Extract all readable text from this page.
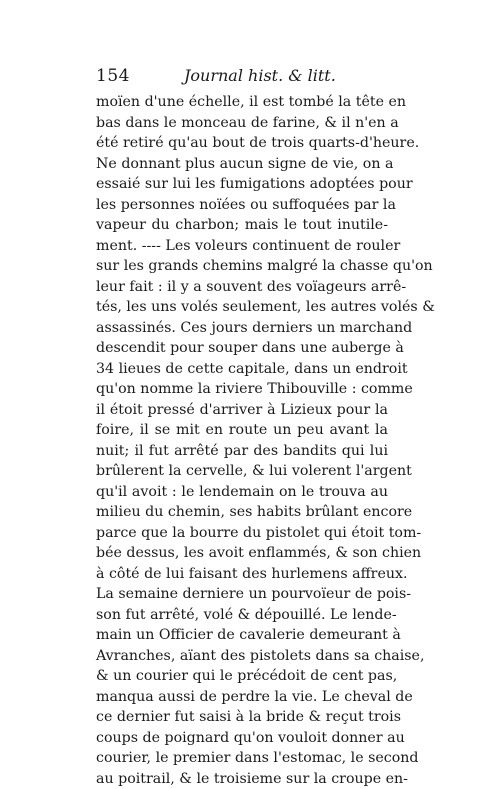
154	Journal hist. & litt.
moïen d'une échelle, il est tombé la tête en
bas dans le monceau de farine, & il n'en a
été retiré qu'au bout de trois quarts-d'heure.
Ne donnant plus aucun signe de vie, on a
essaié sur lui les fumigations adoptées pour
les personnes noïées ou suffoquées par la
vapeur du charbon; mais le tout inutile-
ment. ---- Les voleurs continuent de rouler
sur les grands chemins malgré la chasse qu'on
leur fait : il y a souvent des voïageurs arrê-
tés, les uns volés seulement, les autres volés &
assassinés. Ces jours derniers un marchand
descendit pour souper dans une auberge à
34 lieues de cette capitale, dans un endroit
qu'on nomme la riviere Thibouville : comme
il étoit pressé d'arriver à Lizieux pour la
foire, il se mit en route un peu avant la
nuit; il fut arrêté par des bandits qui lui
brûlerent la cervelle, & lui volerent l'argent
qu'il avoit : le lendemain on le trouva au
milieu du chemin, ses habits brûlant encore
parce que la bourre du pistolet qui étoit tom-
bée dessus, les avoit enflammés, & son chien
à côté de lui faisant des hurlemens affreux.
La semaine derniere un pourvoïeur de pois-
son fut arrêté, volé & dépouillé. Le lende-
main un Officier de cavalerie demeurant à
Avranches, aïant des pistolets dans sa chaise,
& un courier qui le précédoit de cent pas,
manqua aussi de perdre la vie. Le cheval de
ce dernier fut saisi à la bride & reçut trois
coups de poignard qu'on vouloit donner au
courier, le premier dans l'estomac, le second
au poitrail, & le troisieme sur la croupe en-
